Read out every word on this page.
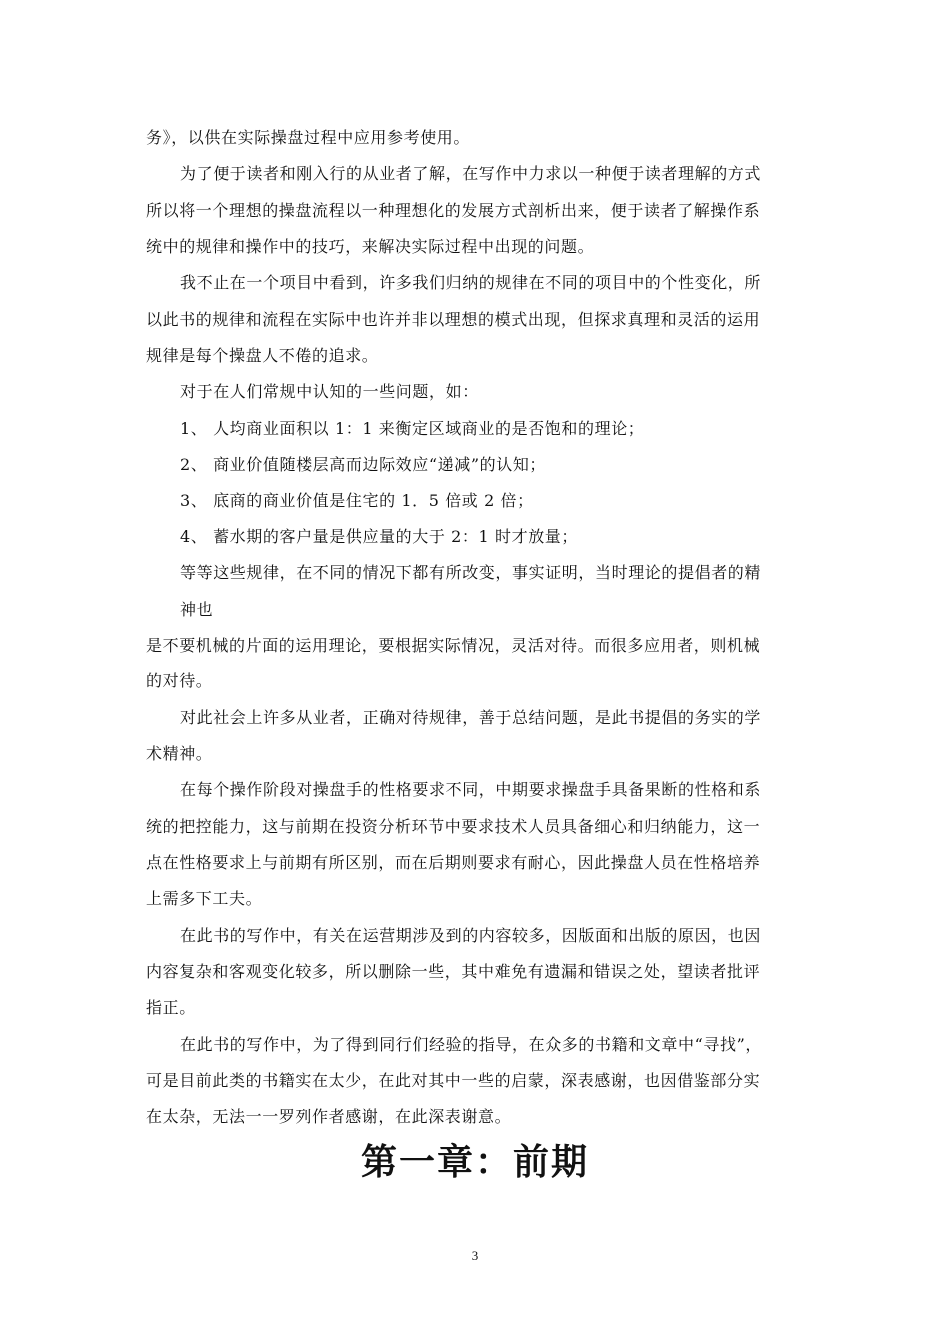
务》，以供在实际操盘过程中应用参考使用。
为了便于读者和刚入行的从业者了解，在写作中力求以一种便于读者理解的方式
所以将一个理想的操盘流程以一种理想化的发展方式剖析出来，便于读者了解操作系
统中的规律和操作中的技巧，来解决实际过程中出现的问题。
我不止在一个项目中看到，许多我们归纳的规律在不同的项目中的个性变化，所
以此书的规律和流程在实际中也许并非以理想的模式出现，但探求真理和灵活的运用
规律是每个操盘人不倦的追求。
对于在人们常规中认知的一些问题，如：
1、 人均商业面积以 1：1 来衡定区域商业的是否饱和的理论；
2、 商业价值随楼层高而边际效应“递减”的认知；
3、 底商的商业价值是住宅的 1．5 倍或 2 倍；
4、 蓄水期的客户量是供应量的大于 2：1 时才放量；
等等这些规律，在不同的情况下都有所改变，事实证明，当时理论的提倡者的精
神也
是不要机械的片面的运用理论，要根据实际情况，灵活对待。而很多应用者，则机械
的对待。
对此社会上许多从业者，正确对待规律，善于总结问题，是此书提倡的务实的学
术精神。
在每个操作阶段对操盘手的性格要求不同，中期要求操盘手具备果断的性格和系
统的把控能力，这与前期在投资分析环节中要求技术人员具备细心和归纳能力，这一
点在性格要求上与前期有所区别，而在后期则要求有耐心，因此操盘人员在性格培养
上需多下工夫。
在此书的写作中，有关在运营期涉及到的内容较多，因版面和出版的原因，也因
内容复杂和客观变化较多，所以删除一些，其中难免有遗漏和错误之处，望读者批评
指正。
在此书的写作中，为了得到同行们经验的指导，在众多的书籍和文章中“寻找”，
可是目前此类的书籍实在太少，在此对其中一些的启蒙，深表感谢，也因借鉴部分实
在太杂，无法一一罗列作者感谢，在此深表谢意。
第一章：前期
3
